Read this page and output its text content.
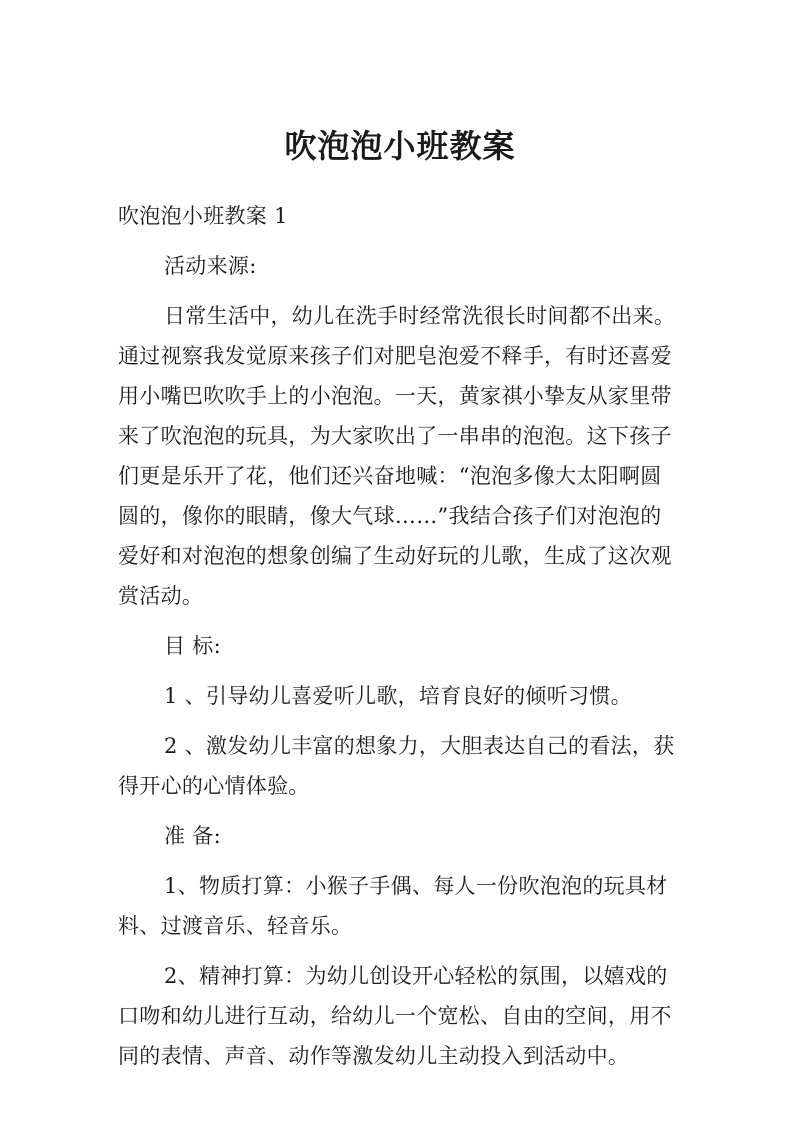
吹泡泡小班教案
吹泡泡小班教案 1
活动来源:
日常生活中，幼儿在洗手时经常洗很长时间都不出来。
通过视察我发觉原来孩子们对肥皂泡爱不释手，有时还喜爱
用小嘴巴吹吹手上的小泡泡。一天，黄家祺小挚友从家里带
来了吹泡泡的玩具，为大家吹出了一串串的泡泡。这下孩子
们更是乐开了花，他们还兴奋地喊：“泡泡多像大太阳啊圆
圆的，像你的眼睛，像大气球……”我结合孩子们对泡泡的
爱好和对泡泡的想象创编了生动好玩的儿歌，生成了这次观
赏活动。
目 标:
1 、引导幼儿喜爱听儿歌，培育良好的倾听习惯。
2 、激发幼儿丰富的想象力，大胆表达自己的看法，获
得开心的心情体验。
准 备:
1、物质打算：小猴子手偶、每人一份吹泡泡的玩具材
料、过渡音乐、轻音乐。
2、精神打算：为幼儿创设开心轻松的氛围，以嬉戏的
口吻和幼儿进行互动，给幼儿一个宽松、自由的空间，用不
同的表情、声音、动作等激发幼儿主动投入到活动中。
